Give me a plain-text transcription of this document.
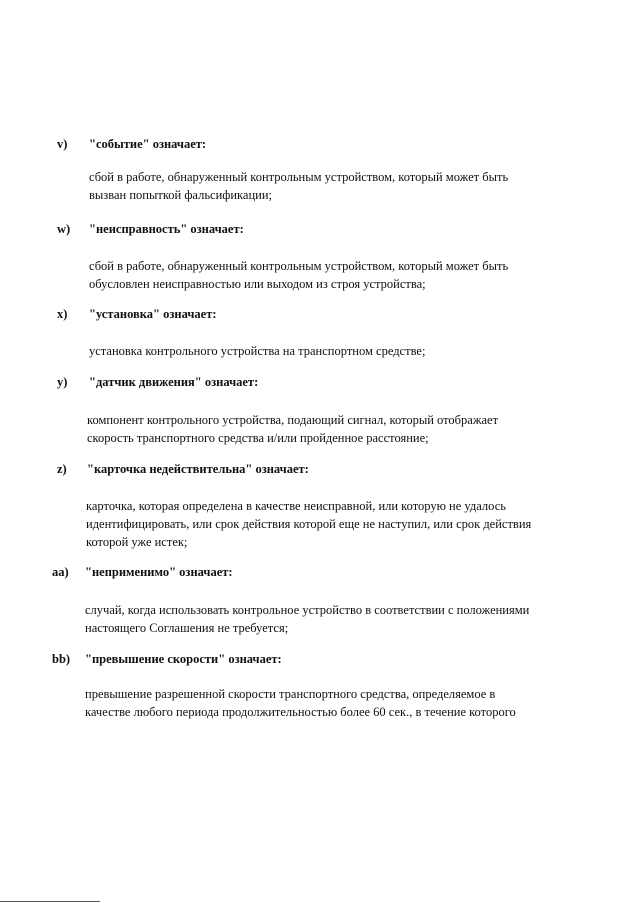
v) "событие" означает:
сбой в работе, обнаруженный контрольным устройством, который может быть
вызван попыткой фальсификации;
w) "неисправность" означает:
сбой в работе, обнаруженный контрольным устройством, который может быть
обусловлен неисправностью или выходом из строя устройства;
x) "установка" означает:
установка контрольного устройства на транспортном средстве;
y) "датчик движения" означает:
компонент контрольного устройства, подающий сигнал, который отображает
скорость транспортного средства и/или пройденное расстояние;
z) "карточка недействительна" означает:
карточка, которая определена в качестве неисправной, или которую не удалось
идентифицировать, или срок действия которой еще не наступил, или срок действия
которой уже истек;
aa) "неприменимо" означает:
случай, когда использовать контрольное устройство в соответствии с положениями
настоящего Соглашения не требуется;
bb) "превышение скорости" означает:
превышение разрешенной скорости транспортного средства, определяемое в
качестве любого периода продолжительностью более 60 сек., в течение которого
